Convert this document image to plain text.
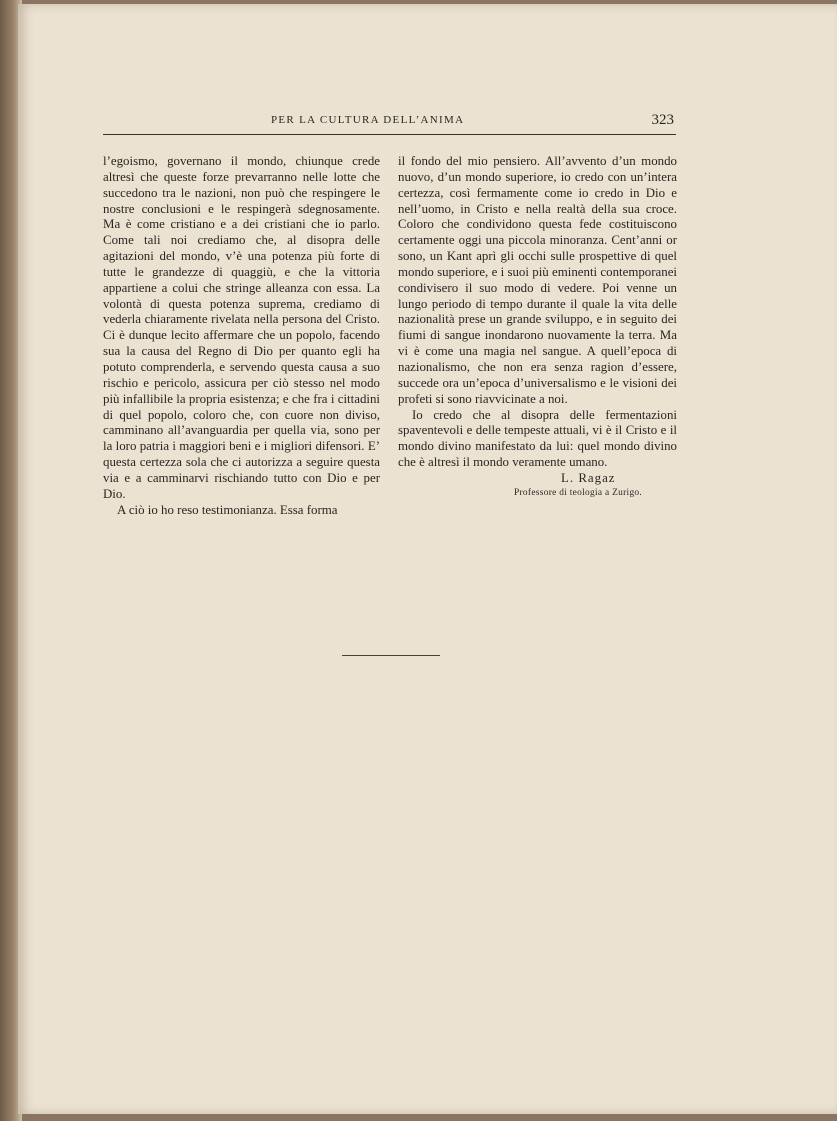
PER LA CULTURA DELL’ANIMA	323

l’egoismo, governano il mondo, chiunque crede altresì che queste forze prevarranno nelle lotte che succedono tra le nazioni, non può che respingere le nostre conclusioni e le respingerà sdegnosamente. Ma è come cristiano e a dei cristiani che io parlo. Come tali noi crediamo che, al disopra delle agitazioni del mondo, v’è una potenza più forte di tutte le grandezze di quaggiù, e che la vittoria appartiene a colui che stringe alleanza con essa. La volontà di questa potenza suprema, crediamo di vederla chiaramente rivelata nella persona del Cristo. Ci è dunque lecito affermare che un popolo, facendo sua la causa del Regno di Dio per quanto egli ha potuto comprenderla, e servendo questa causa a suo rischio e pericolo, assicura per ciò stesso nel modo più infallibile la propria esistenza; e che fra i cittadini di quel popolo, coloro che, con cuore non diviso, camminano all’avanguardia per quella via, sono per la loro patria i maggiori beni e i migliori difensori. E’ questa certezza sola che ci autorizza a seguire questa via e a camminarvi rischiando tutto con Dio e per Dio.

A ciò io ho reso testimonianza. Essa forma

il fondo del mio pensiero. All’avvento d’un mondo nuovo, d’un mondo superiore, io credo con un’intera certezza, così fermamente come io credo in Dio e nell’uomo, in Cristo e nella realtà della sua croce. Coloro che condividono questa fede costituiscono certamente oggi una piccola minoranza. Cent’anni or sono, un Kant aprì gli occhi sulle prospettive di quel mondo superiore, e i suoi più eminenti contemporanei condivisero il suo modo di vedere. Poi venne un lungo periodo di tempo durante il quale la vita delle nazionalità prese un grande sviluppo, e in seguito dei fiumi di sangue inondarono nuovamente la terra. Ma vi è come una magia nel sangue. A quell’epoca di nazionalismo, che non era senza ragion d’essere, succede ora un’epoca d’universalismo e le visioni dei profeti si sono riavvicinate a noi.

Io credo che al disopra delle fermentazioni spaventevoli e delle tempeste attuali, vi è il Cristo e il mondo divino manifestato da lui: quel mondo divino che è altresì il mondo veramente umano.

L. Ragaz

Professore di teologia a Zurigo.
